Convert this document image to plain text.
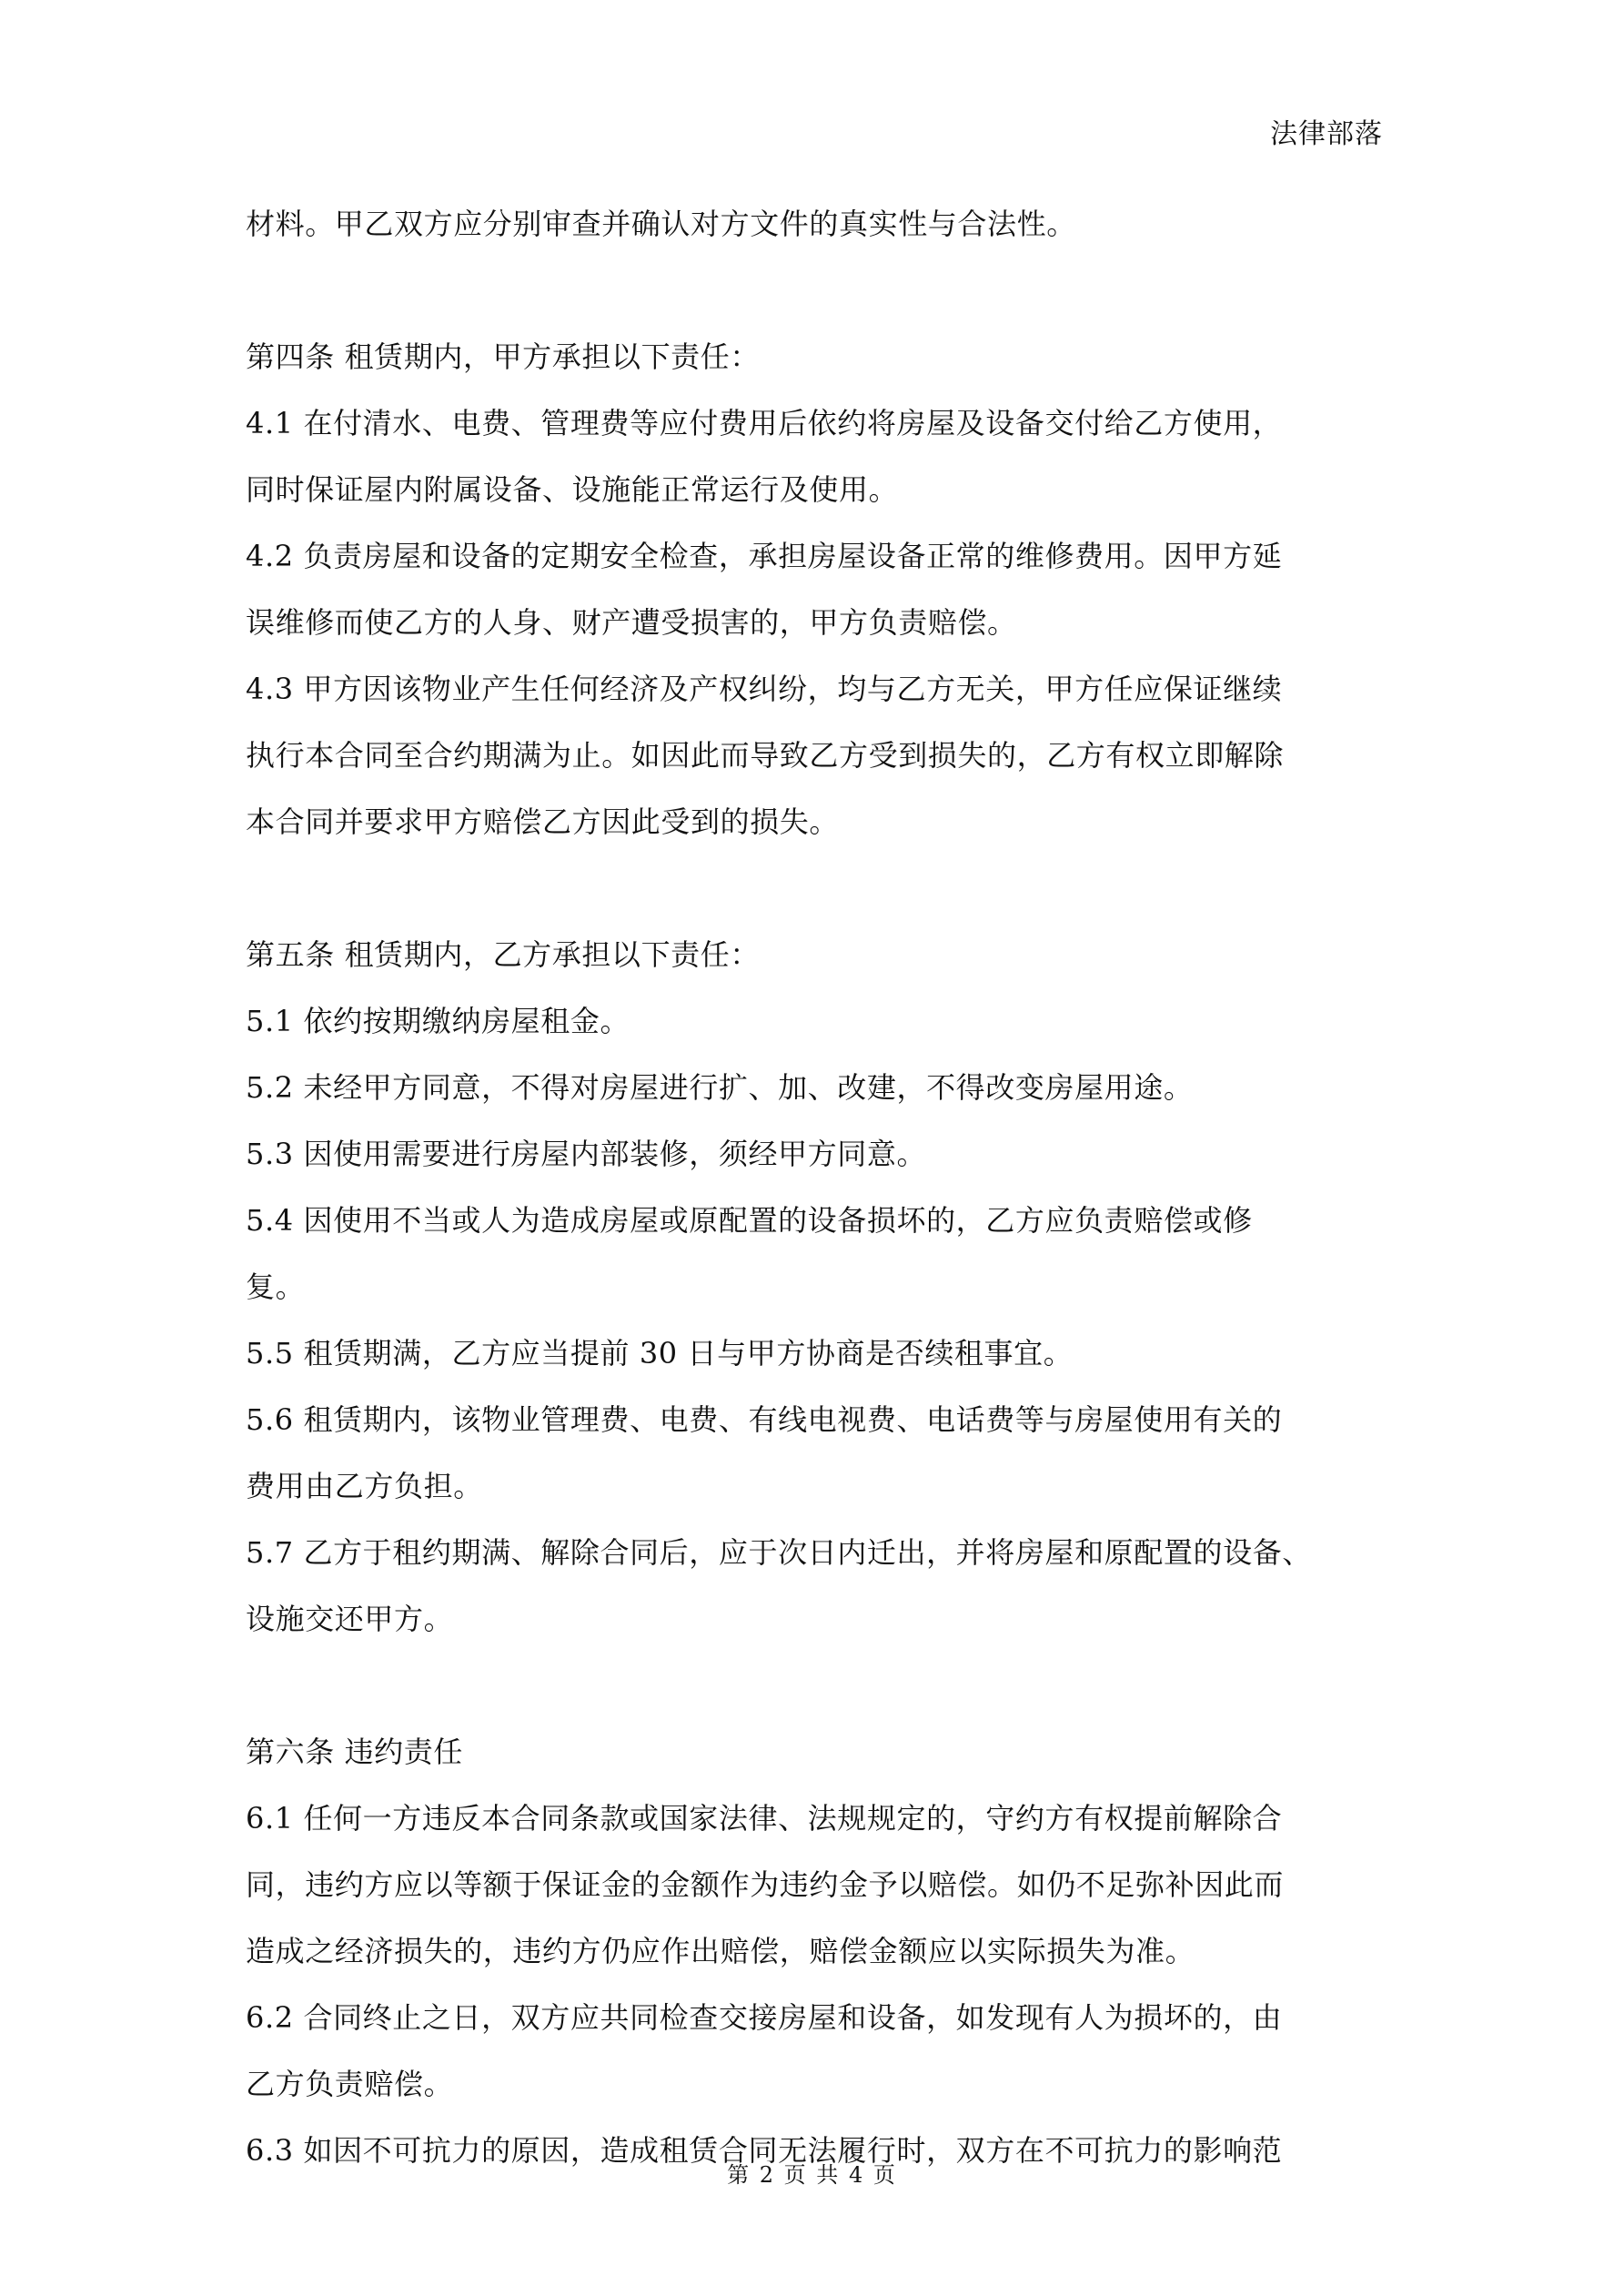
法律部落
材料。甲乙双方应分别审查并确认对方文件的真实性与合法性。
第四条 租赁期内，甲方承担以下责任：
4.1 在付清水、电费、管理费等应付费用后依约将房屋及设备交付给乙方使用，
同时保证屋内附属设备、设施能正常运行及使用。
4.2 负责房屋和设备的定期安全检查，承担房屋设备正常的维修费用。因甲方延
误维修而使乙方的人身、财产遭受损害的，甲方负责赔偿。
4.3 甲方因该物业产生任何经济及产权纠纷，均与乙方无关，甲方任应保证继续
执行本合同至合约期满为止。如因此而导致乙方受到损失的，乙方有权立即解除
本合同并要求甲方赔偿乙方因此受到的损失。
第五条 租赁期内，乙方承担以下责任：
5.1 依约按期缴纳房屋租金。
5.2 未经甲方同意，不得对房屋进行扩、加、改建，不得改变房屋用途。
5.3 因使用需要进行房屋内部装修，须经甲方同意。
5.4 因使用不当或人为造成房屋或原配置的设备损坏的，乙方应负责赔偿或修
复。
5.5 租赁期满，乙方应当提前 30 日与甲方协商是否续租事宜。
5.6 租赁期内，该物业管理费、电费、有线电视费、电话费等与房屋使用有关的
费用由乙方负担。
5.7 乙方于租约期满、解除合同后，应于次日内迁出，并将房屋和原配置的设备、
设施交还甲方。
第六条 违约责任
6.1 任何一方违反本合同条款或国家法律、法规规定的，守约方有权提前解除合
同，违约方应以等额于保证金的金额作为违约金予以赔偿。如仍不足弥补因此而
造成之经济损失的，违约方仍应作出赔偿，赔偿金额应以实际损失为准。
6.2 合同终止之日，双方应共同检查交接房屋和设备，如发现有人为损坏的，由
乙方负责赔偿。
6.3 如因不可抗力的原因，造成租赁合同无法履行时，双方在不可抗力的影响范
第 2 页 共 4 页
